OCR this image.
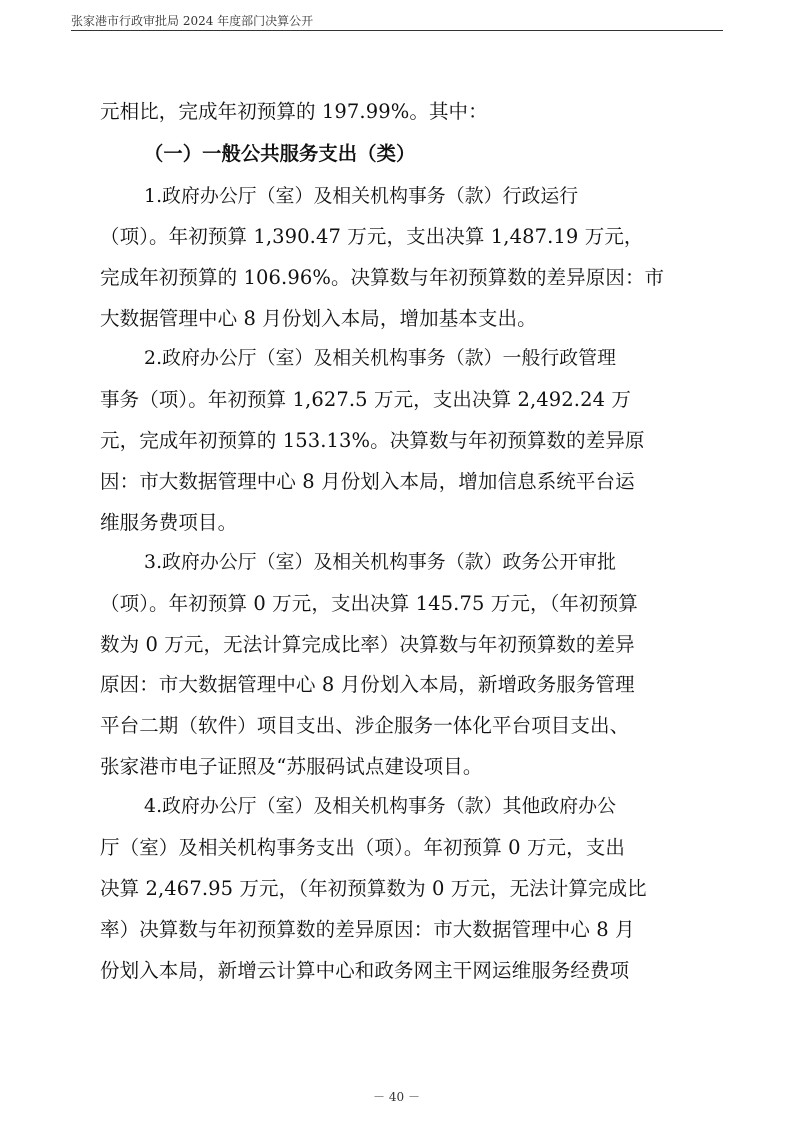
张家港市行政审批局 2024 年度部门决算公开
元相比，完成年初预算的 197.99%。其中：
（一）一般公共服务支出（类）
1.政府办公厅（室）及相关机构事务（款）行政运行
（项）。年初预算 1,390.47 万元，支出决算 1,487.19 万元，
完成年初预算的 106.96%。决算数与年初预算数的差异原因：市
大数据管理中心 8 月份划入本局，增加基本支出。
2.政府办公厅（室）及相关机构事务（款）一般行政管理
事务（项）。年初预算 1,627.5 万元，支出决算 2,492.24 万
元，完成年初预算的 153.13%。决算数与年初预算数的差异原
因：市大数据管理中心 8 月份划入本局，增加信息系统平台运
维服务费项目。
3.政府办公厅（室）及相关机构事务（款）政务公开审批
（项）。年初预算 0 万元，支出决算 145.75 万元，（年初预算
数为 0 万元，无法计算完成比率）决算数与年初预算数的差异
原因：市大数据管理中心 8 月份划入本局，新增政务服务管理
平台二期（软件）项目支出、涉企服务一体化平台项目支出、
张家港市电子证照及“苏服码试点建设项目。
4.政府办公厅（室）及相关机构事务（款）其他政府办公
厅（室）及相关机构事务支出（项）。年初预算 0 万元，支出
决算 2,467.95 万元，（年初预算数为 0 万元，无法计算完成比
率）决算数与年初预算数的差异原因：市大数据管理中心 8 月
份划入本局，新增云计算中心和政务网主干网运维服务经费项
－ 40 －
